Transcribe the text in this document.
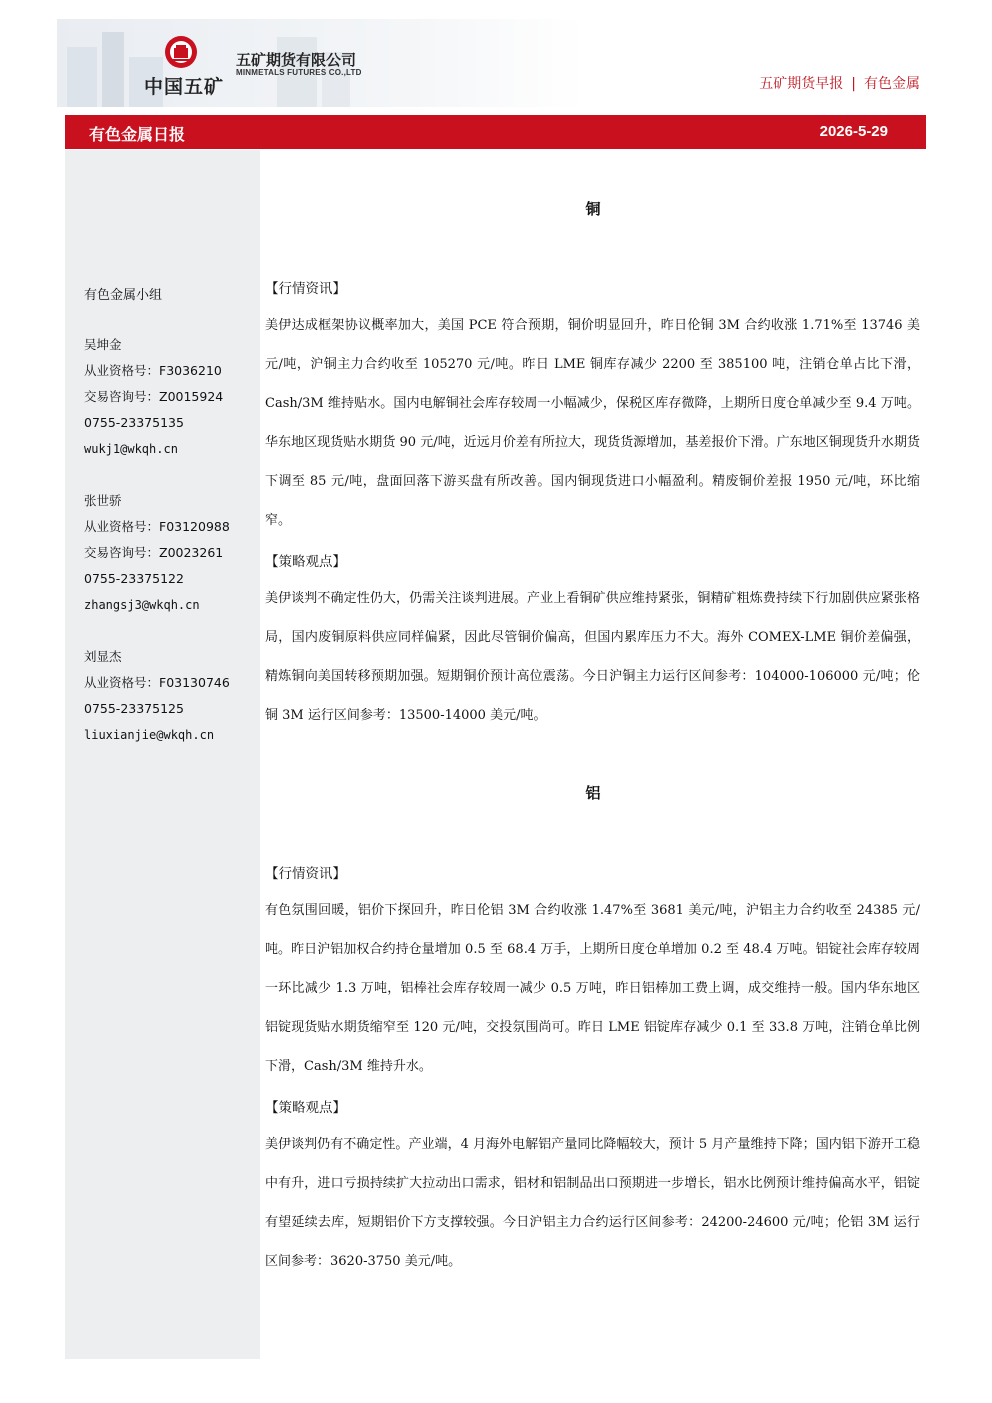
中国五矿
五矿期货有限公司
MINMETALS FUTURES CO.,LTD
五矿期货早报 | 有色金属
有色金属日报	2026-5-29
有色金属小组
吴坤金
从业资格号：F3036210
交易咨询号：Z0015924
0755-23375135
wukj1@wkqh.cn
张世骄
从业资格号：F03120988
交易咨询号：Z0023261
0755-23375122
zhangsj3@wkqh.cn
刘显杰
从业资格号：F03130746
0755-23375125
liuxianjie@wkqh.cn
铜
【行情资讯】
美伊达成框架协议概率加大，美国 PCE 符合预期，铜价明显回升，昨日伦铜 3M 合约收涨 1.71%至 13746 美元/吨，沪铜主力合约收至 105270 元/吨。昨日 LME 铜库存减少 2200 至 385100 吨，注销仓单占比下滑，Cash/3M 维持贴水。国内电解铜社会库存较周一小幅减少，保税区库存微降，上期所日度仓单减少至 9.4 万吨。华东地区现货贴水期货 90 元/吨，近远月价差有所拉大，现货货源增加，基差报价下滑。广东地区铜现货升水期货下调至 85 元/吨，盘面回落下游买盘有所改善。国内铜现货进口小幅盈利。精废铜价差报 1950 元/吨，环比缩窄。
【策略观点】
美伊谈判不确定性仍大，仍需关注谈判进展。产业上看铜矿供应维持紧张，铜精矿粗炼费持续下行加剧供应紧张格局，国内废铜原料供应同样偏紧，因此尽管铜价偏高，但国内累库压力不大。海外 COMEX-LME 铜价差偏强，精炼铜向美国转移预期加强。短期铜价预计高位震荡。今日沪铜主力运行区间参考：104000-106000 元/吨；伦铜 3M 运行区间参考：13500-14000 美元/吨。
铝
【行情资讯】
有色氛围回暖，铝价下探回升，昨日伦铝 3M 合约收涨 1.47%至 3681 美元/吨，沪铝主力合约收至 24385 元/吨。昨日沪铝加权合约持仓量增加 0.5 至 68.4 万手，上期所日度仓单增加 0.2 至 48.4 万吨。铝锭社会库存较周一环比减少 1.3 万吨，铝棒社会库存较周一减少 0.5 万吨，昨日铝棒加工费上调，成交维持一般。国内华东地区铝锭现货贴水期货缩窄至 120 元/吨，交投氛围尚可。昨日 LME 铝锭库存减少 0.1 至 33.8 万吨，注销仓单比例下滑，Cash/3M 维持升水。
【策略观点】
美伊谈判仍有不确定性。产业端，4 月海外电解铝产量同比降幅较大，预计 5 月产量维持下降；国内铝下游开工稳中有升，进口亏损持续扩大拉动出口需求，铝材和铝制品出口预期进一步增长，铝水比例预计维持偏高水平，铝锭有望延续去库，短期铝价下方支撑较强。今日沪铝主力合约运行区间参考：24200-24600 元/吨；伦铝 3M 运行区间参考：3620-3750 美元/吨。
